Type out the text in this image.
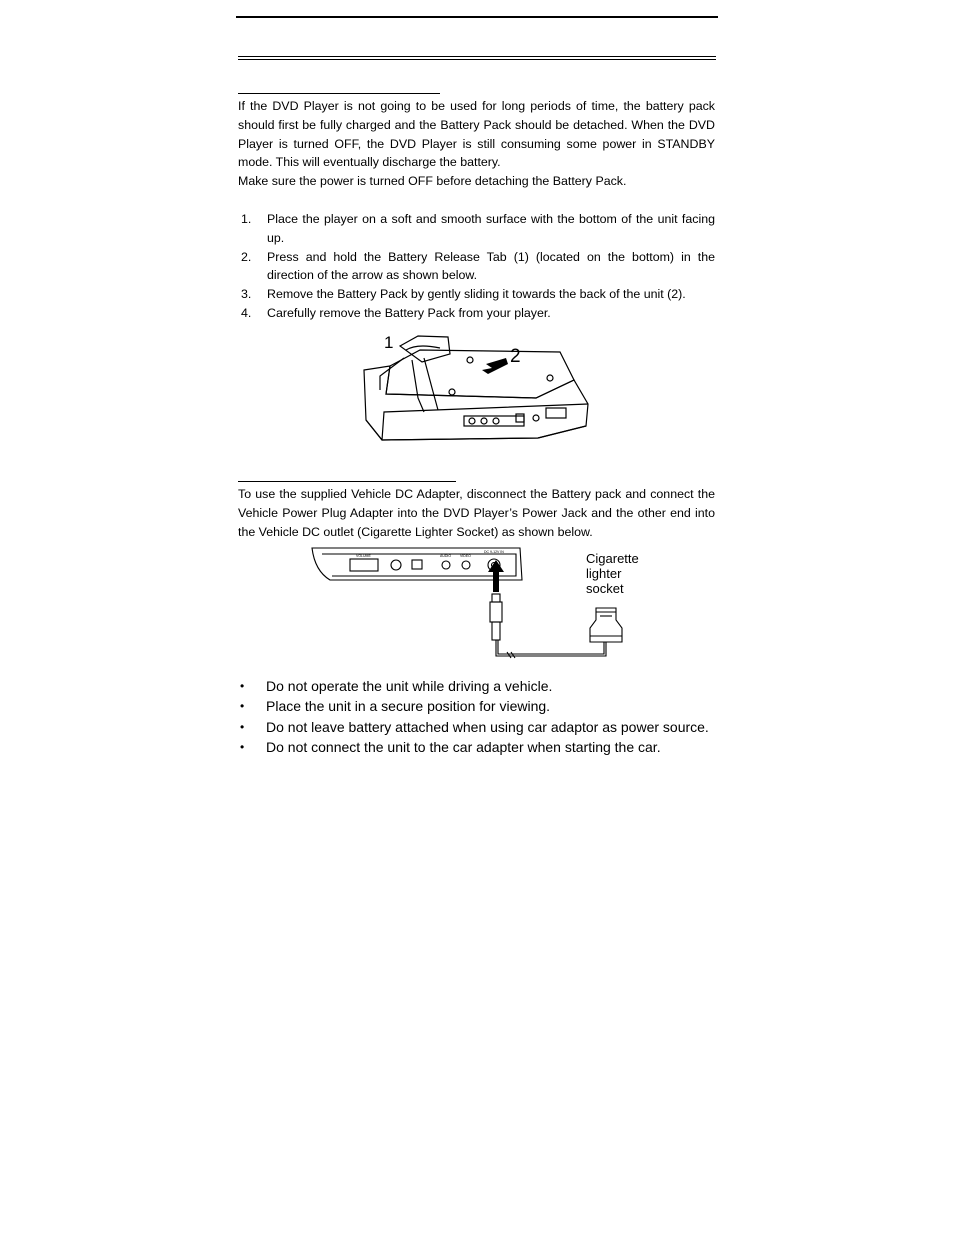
If the DVD Player is not going to be used for long periods of time, the battery pack should first be fully charged and the Battery Pack should be detached. When the DVD Player is turned OFF, the DVD Player is still consuming some power in STANDBY mode. This will eventually discharge the battery.
Make sure the power is turned OFF before detaching the Battery Pack.
1. Place the player on a soft and smooth surface with the bottom of the unit facing up.
2. Press and hold the Battery Release Tab (1) (located on the bottom) in the direction of the arrow as shown below.
3. Remove the Battery Pack by gently sliding it towards the back of the unit (2).
4. Carefully remove the Battery Pack from your player.
1
2
To use the supplied Vehicle DC Adapter, disconnect the Battery pack and connect the Vehicle Power Plug Adapter into the DVD Player’s Power Jack and the other end into the Vehicle DC outlet (Cigarette Lighter Socket) as shown below.
VOLUME	AUDIO	VIDEO
DC 9-12V IN	Cigarette
lighter
socket
• Do not operate the unit while driving a vehicle.
• Place the unit in a secure position for viewing.
• Do not leave battery attached when using car adaptor as power source.
• Do not connect the unit to the car adapter when starting the car.
